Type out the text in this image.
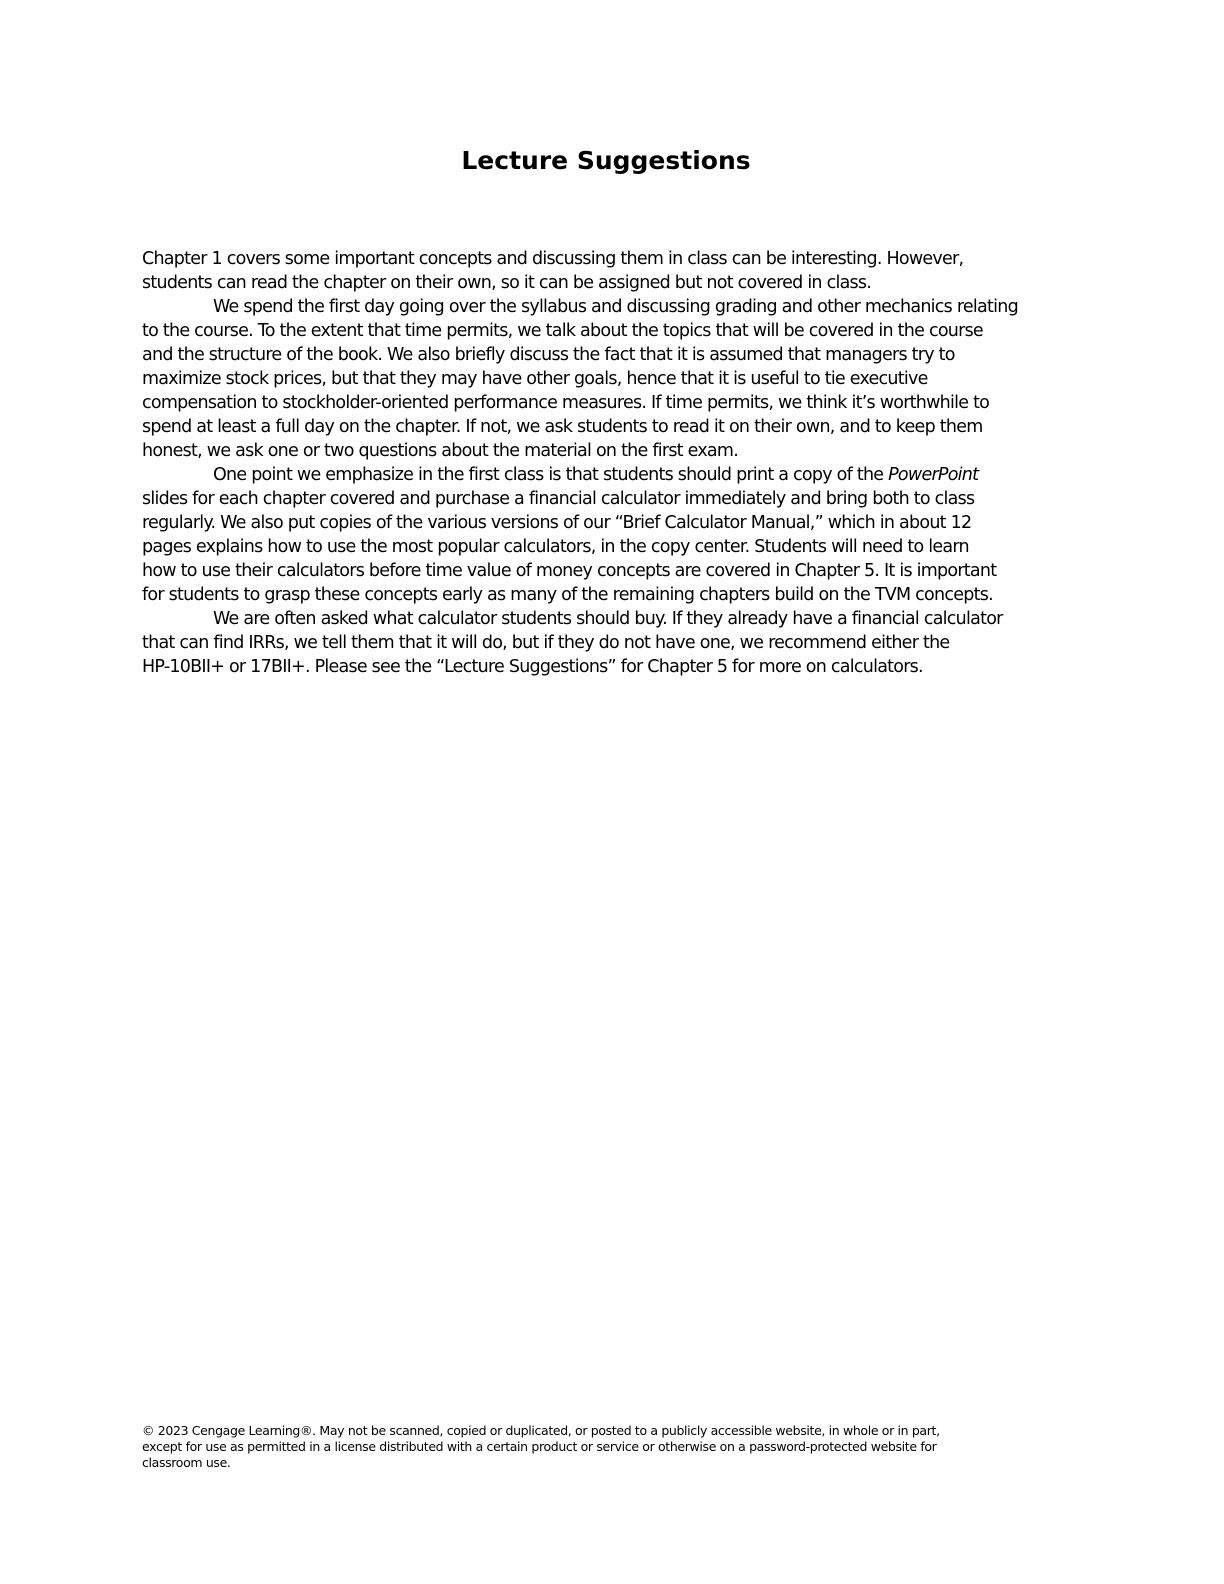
Lecture Suggestions
Chapter 1 covers some important concepts and discussing them in class can be interesting. However,
students can read the chapter on their own, so it can be assigned but not covered in class.
We spend the first day going over the syllabus and discussing grading and other mechanics relating
to the course. To the extent that time permits, we talk about the topics that will be covered in the course
and the structure of the book. We also briefly discuss the fact that it is assumed that managers try to
maximize stock prices, but that they may have other goals, hence that it is useful to tie executive
compensation to stockholder-oriented performance measures. If time permits, we think it’s worthwhile to
spend at least a full day on the chapter. If not, we ask students to read it on their own, and to keep them
honest, we ask one or two questions about the material on the first exam.
One point we emphasize in the first class is that students should print a copy of the PowerPoint
slides for each chapter covered and purchase a financial calculator immediately and bring both to class
regularly. We also put copies of the various versions of our “Brief Calculator Manual,” which in about 12
pages explains how to use the most popular calculators, in the copy center. Students will need to learn
how to use their calculators before time value of money concepts are covered in Chapter 5. It is important
for students to grasp these concepts early as many of the remaining chapters build on the TVM concepts.
We are often asked what calculator students should buy. If they already have a financial calculator
that can find IRRs, we tell them that it will do, but if they do not have one, we recommend either the
HP-10BII+ or 17BII+. Please see the “Lecture Suggestions” for Chapter 5 for more on calculators.
© 2023 Cengage Learning®. May not be scanned, copied or duplicated, or posted to a publicly accessible website, in whole or in part,
except for use as permitted in a license distributed with a certain product or service or otherwise on a password-protected website for
classroom use.
